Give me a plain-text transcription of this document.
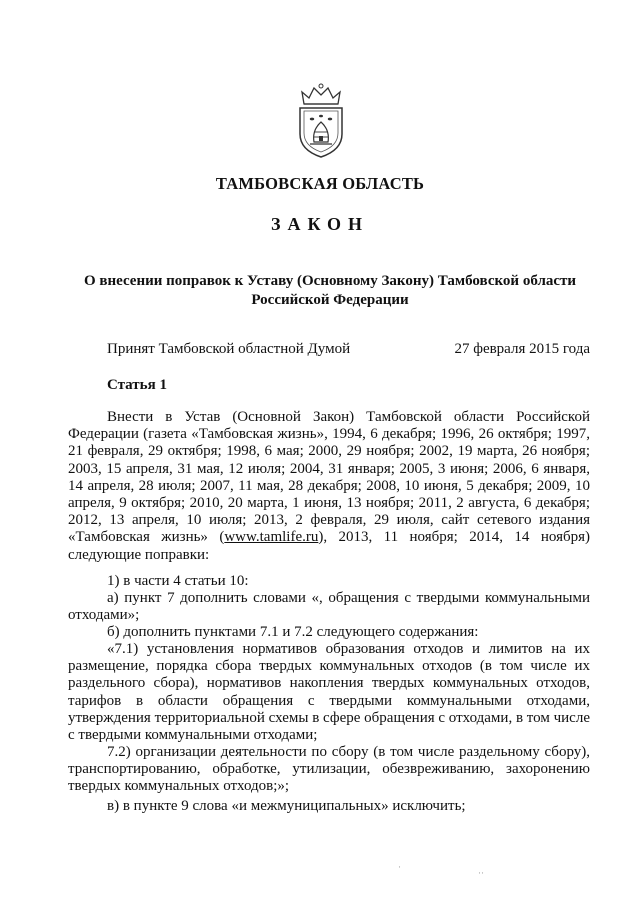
ТАМБОВСКАЯ ОБЛАСТЬ
ЗАКОН
О внесении поправок к Уставу (Основному Закону) Тамбовской области
Российской Федерации
Принят Тамбовской областной Думой	27 февраля 2015 года
Статья 1

Внести в Устав (Основной Закон) Тамбовской области Российской Федерации (газета «Тамбовская жизнь», 1994, 6 декабря; 1996, 26 октября; 1997, 21 февраля, 29 октября; 1998, 6 мая; 2000, 29 ноября; 2002, 19 марта, 26 ноября; 2003, 15 апреля, 31 мая, 12 июля; 2004, 31 января; 2005, 3 июня; 2006, 6 января, 14 апреля, 28 июля; 2007, 11 мая, 28 декабря; 2008, 10 июня, 5 декабря; 2009, 10 апреля, 9 октября; 2010, 20 марта, 1 июня, 13 ноября; 2011, 2 августа, 6 декабря; 2012, 13 апреля, 10 июля; 2013, 2 февраля, 29 июля, сайт сетевого издания «Тамбовская жизнь» (www.tamlife.ru), 2013, 11 ноября; 2014, 14 ноября) следующие поправки:

1) в части 4 статьи 10:

а) пункт 7 дополнить словами «, обращения с твердыми коммунальными отходами»;

б) дополнить пунктами 7.1 и 7.2 следующего содержания:

«7.1) установления нормативов образования отходов и лимитов на их размещение, порядка сбора твердых коммунальных отходов (в том числе их раздельного сбора), нормативов накопления твердых коммунальных отходов, тарифов в области обращения с твердыми коммунальными отходами, утверждения территориальной схемы в сфере обращения с отходами, в том числе с твердыми коммунальными отходами;

7.2) организации деятельности по сбору (в том числе раздельному сбору), транспортированию, обработке, утилизации, обезвреживанию, захоронению твердых коммунальных отходов;»;

в) в пункте 9 слова «и межмуниципальных» исключить;

·
··
